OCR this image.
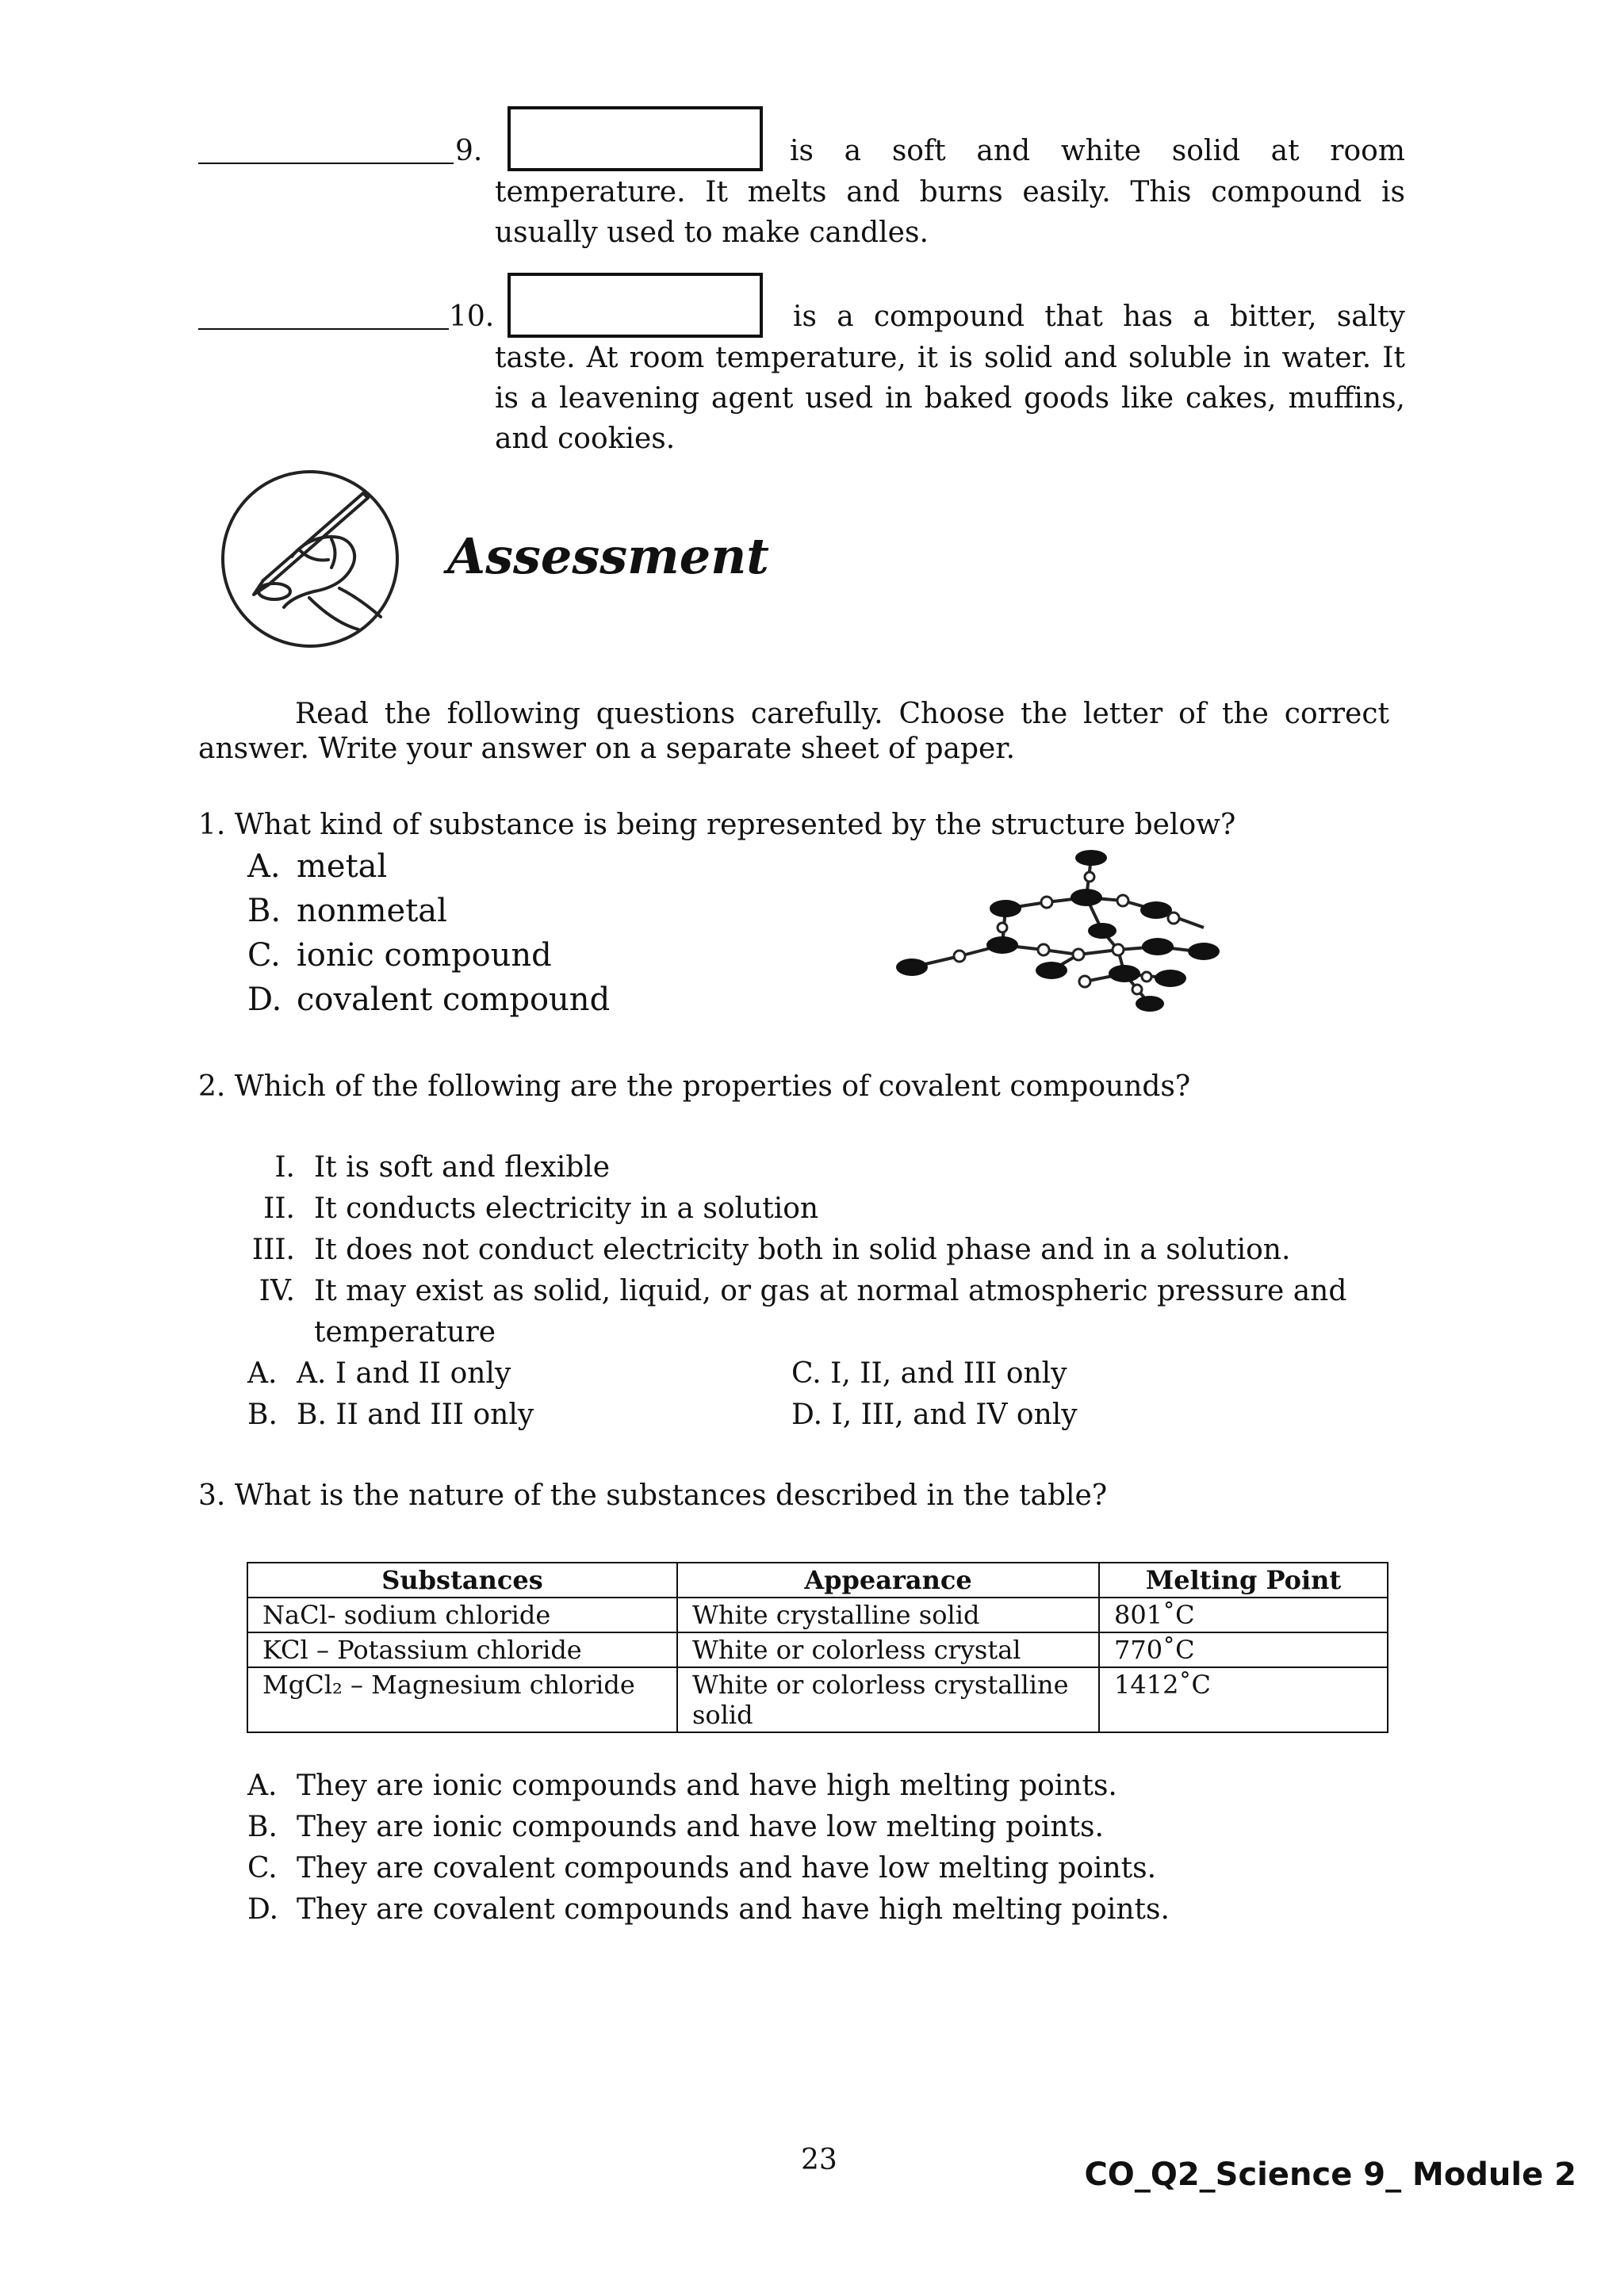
9.	is a soft and white solid at room
temperature. It melts and burns easily. This compound is
usually used to make candles.
10.	is a compound that has a bitter, salty
taste. At room temperature, it is solid and soluble in water. It
is a leavening agent used in baked goods like cakes, muffins,
and cookies.
Assessment
Read the following questions carefully. Choose the letter of the correct
answer. Write your answer on a separate sheet of paper.
1. What kind of substance is being represented by the structure below?
A. metal
B. nonmetal
C. ionic compound
D. covalent compound
2. Which of the following are the properties of covalent compounds?
I. It is soft and flexible
II. It conducts electricity in a solution
III. It does not conduct electricity both in solid phase and in a solution.
IV. It may exist as solid, liquid, or gas at normal atmospheric pressure and
temperature
A. A. I and II only
B. B. II and III only
C. I, II, and III only
D. I, III, and IV only
3. What is the nature of the substances described in the table?
Substances	Appearance	Melting Point
NaCl- sodium chloride	White crystalline solid	801˚C
KCl – Potassium chloride	White or colorless crystal	770˚C
MgCl₂ – Magnesium chloride	White or colorless crystalline solid	1412˚C
A. They are ionic compounds and have high melting points.
B. They are ionic compounds and have low melting points.
C. They are covalent compounds and have low melting points.
D. They are covalent compounds and have high melting points.
23	CO_Q2_Science 9_ Module 2
